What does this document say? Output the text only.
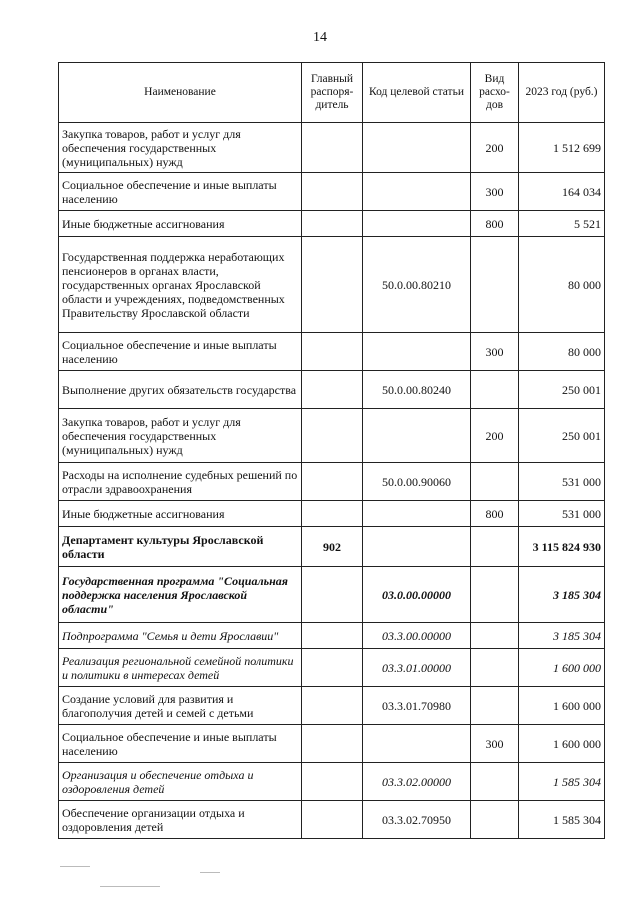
14
Наименование	Главный распоря-дитель	Код целевой статьи	Вид расхо-дов	2023 год (руб.)
Закупка товаров, работ и услуг для обеспечения государственных (муниципальных) нужд			200	1 512 699
Социальное обеспечение и иные выплаты населению			300	164 034
Иные бюджетные ассигнования			800	5 521
Государственная поддержка неработающих пенсионеров в органах власти, государственных органах Ярославской области и учреждениях, подведомственных Правительству Ярославской области		50.0.00.80210		80 000
Социальное обеспечение и иные выплаты населению			300	80 000
Выполнение других обязательств государства		50.0.00.80240		250 001
Закупка товаров, работ и услуг для обеспечения государственных (муниципальных) нужд			200	250 001
Расходы на исполнение судебных решений по отрасли здравоохранения		50.0.00.90060		531 000
Иные бюджетные ассигнования			800	531 000
Департамент культуры Ярославской области	902			3 115 824 930
Государственная программа "Социальная поддержка населения Ярославской области"		03.0.00.00000		3 185 304
Подпрограмма "Семья и дети Ярославии"		03.3.00.00000		3 185 304
Реализация региональной семейной политики и политики в интересах детей		03.3.01.00000		1 600 000
Создание условий для развития и благополучия детей и семей с детьми		03.3.01.70980		1 600 000
Социальное обеспечение и иные выплаты населению			300	1 600 000
Организация и обеспечение отдыха и оздоровления детей		03.3.02.00000		1 585 304
Обеспечение организации отдыха и оздоровления детей		03.3.02.70950		1 585 304
